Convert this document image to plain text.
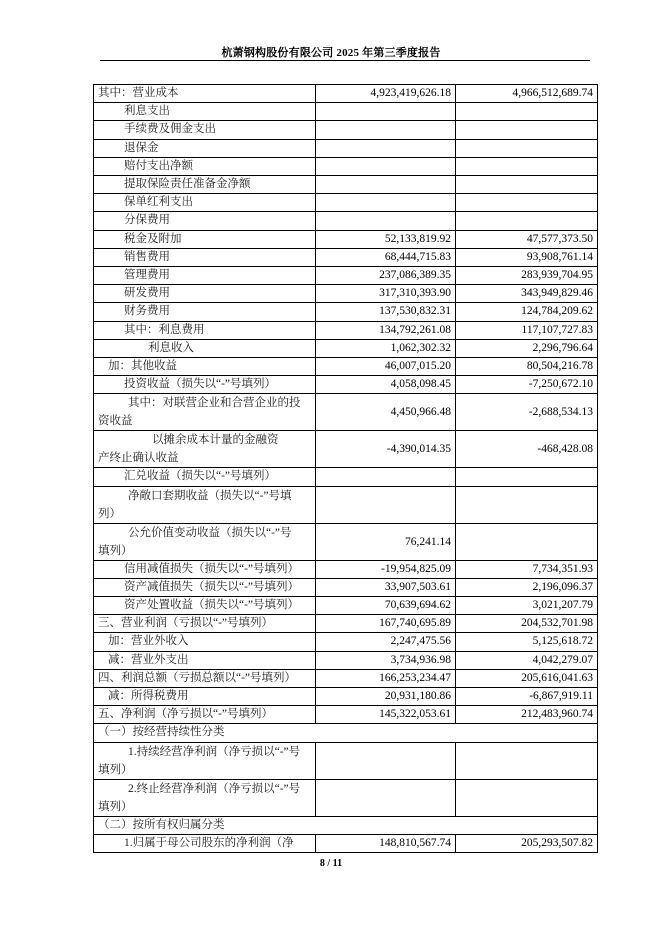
杭萧钢构股份有限公司 2025 年第三季度报告
其中：营业成本	4,923,419,626.18	4,966,512,689.74
利息支出		
手续费及佣金支出		
退保金		
赔付支出净额		
提取保险责任准备金净额		
保单红利支出		
分保费用		
税金及附加	52,133,819.92	47,577,373.50
销售费用	68,444,715.83	93,908,761.14
管理费用	237,086,389.35	283,939,704.95
研发费用	317,310,393.90	343,949,829.46
财务费用	137,530,832.31	124,784,209.62
其中：利息费用	134,792,261.08	117,107,727.83
利息收入	1,062,302.32	2,296,796.64
加：其他收益	46,007,015.20	80,504,216.78
投资收益（损失以“-”号填列）	4,058,098.45	-7,250,672.10
其中：对联营企业和合营企业的投
资收益	4,450,966.48	-2,688,534.13
以摊余成本计量的金融资
产终止确认收益	-4,390,014.35	-468,428.08
汇兑收益（损失以“-”号填列）		
净敞口套期收益（损失以“-”号填
列）		
公允价值变动收益（损失以“-”号
填列）	76,241.14	
信用减值损失（损失以“-”号填列）	-19,954,825.09	7,734,351.93
资产减值损失（损失以“-”号填列）	33,907,503.61	2,196,096.37
资产处置收益（损失以“-”号填列）	70,639,694.62	3,021,207.79
三、营业利润（亏损以“-”号填列）	167,740,695.89	204,532,701.98
加：营业外收入	2,247,475.56	5,125,618.72
减：营业外支出	3,734,936.98	4,042,279.07
四、利润总额（亏损总额以“-”号填列）	166,253,234.47	205,616,041.63
减：所得税费用	20,931,180.86	-6,867,919.11
五、净利润（净亏损以“-”号填列）	145,322,053.61	212,483,960.74
（一）按经营持续性分类		
1.持续经营净利润（净亏损以“-”号
填列）		
2.终止经营净利润（净亏损以“-”号
填列）		
（二）按所有权归属分类		
1.归属于母公司股东的净利润（净	148,810,567.74	205,293,507.82
8 / 11
